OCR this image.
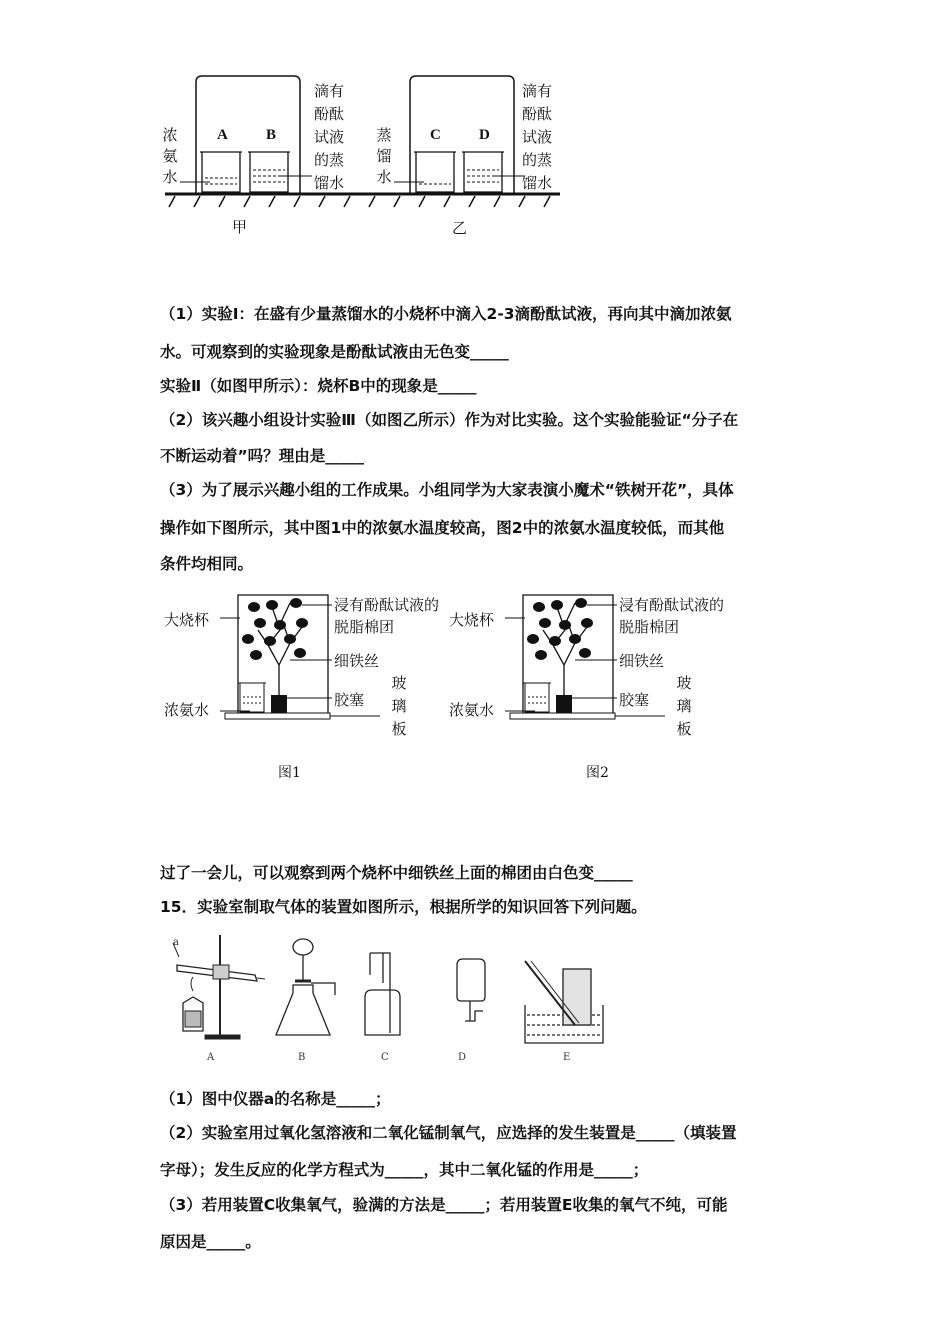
浓氨水
滴有酚酞试液的蒸馏水
A	B
甲
蒸馏水
滴有酚酞试液的蒸馏水
C	D
乙
（1）实验Ⅰ：在盛有少量蒸馏水的小烧杯中滴入2-3滴酚酞试液，再向其中滴加浓氨
水。可观察到的实验现象是酚酞试液由无色变_____
实验Ⅱ（如图甲所示）：烧杯B中的现象是_____
（2）该兴趣小组设计实验Ⅲ（如图乙所示）作为对比实验。这个实验能验证“分子在
不断运动着”吗？理由是_____
（3）为了展示兴趣小组的工作成果。小组同学为大家表演小魔术“铁树开花”，具体
操作如下图所示，其中图1中的浓氨水温度较高，图2中的浓氨水温度较低，而其他
条件均相同。
大烧杯
浸有酚酞试液的脱脂棉团
细铁丝
浓氨水
胶塞
玻璃板
图1
大烧杯
浸有酚酞试液的脱脂棉团
细铁丝
浓氨水
胶塞
玻璃板
图2
过了一会儿，可以观察到两个烧杯中细铁丝上面的棉团由白色变_____
15．实验室制取气体的装置如图所示，根据所学的知识回答下列问题。
a
A	B	C	D	E
（1）图中仪器a的名称是_____；
（2）实验室用过氧化氢溶液和二氧化锰制氧气，应选择的发生装置是_____（填装置
字母）；发生反应的化学方程式为_____，其中二氧化锰的作用是_____；
（3）若用装置C收集氧气，验满的方法是_____；若用装置E收集的氧气不纯，可能
原因是_____。
